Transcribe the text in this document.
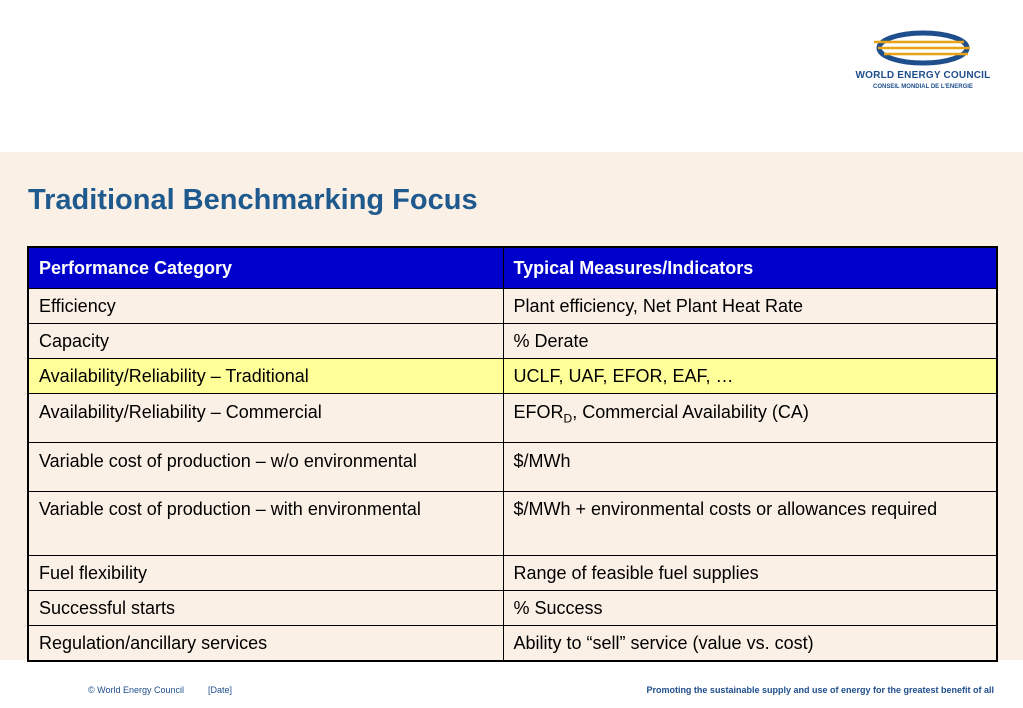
WORLD ENERGY COUNCIL
CONSEIL MONDIAL DE L'ENERGIE
Traditional Benchmarking Focus
Performance Category	Typical Measures/Indicators
Efficiency	Plant efficiency, Net Plant Heat Rate
Capacity	% Derate
Availability/Reliability – Traditional	UCLF, UAF, EFOR, EAF, …
Availability/Reliability – Commercial	$EFOR_D$, Commercial Availability (CA)
Variable cost of production – w/o environmental	$/MWh
Variable cost of production – with environmental	$/MWh + environmental costs or allowances required
Fuel flexibility	Range of feasible fuel supplies
Successful starts	% Success
Regulation/ancillary services	Ability to “sell” service (value vs. cost)
© World Energy Council	[Date]	Promoting the sustainable supply and use of energy for the greatest benefit of all
